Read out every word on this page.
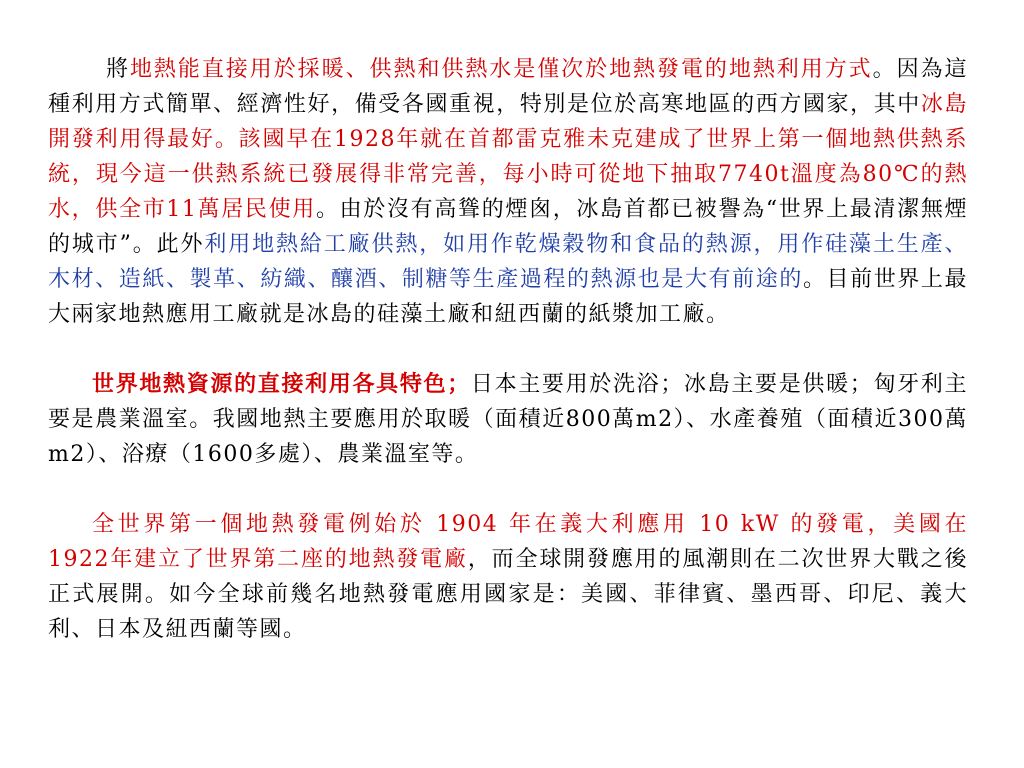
將地熱能直接用於採暖、供熱和供熱水是僅次於地熱發電的地熱利用方式。因為這種利用方式簡單、經濟性好，備受各國重視，特別是位於高寒地區的西方國家，其中冰島開發利用得最好。該國早在1928年就在首都雷克雅未克建成了世界上第一個地熱供熱系統，現今這一供熱系統已發展得非常完善，每小時可從地下抽取7740t溫度為80℃的熱水，供全市11萬居民使用。由於沒有高聳的煙囪，冰島首都已被譽為“世界上最清潔無煙的城市”。此外利用地熱給工廠供熱，如用作乾燥穀物和食品的熱源，用作硅藻土生產、木材、造紙、製革、紡織、釀酒、制糖等生產過程的熱源也是大有前途的。目前世界上最大兩家地熱應用工廠就是冰島的硅藻土廠和紐西蘭的紙漿加工廠。

世界地熱資源的直接利用各具特色；日本主要用於洗浴；冰島主要是供暖；匈牙利主要是農業溫室。我國地熱主要應用於取暖（面積近800萬m2）、水產養殖（面積近300萬m2）、浴療（1600多處）、農業溫室等。

全世界第一個地熱發電例始於 1904 年在義大利應用 10 kW 的發電，美國在 1922年建立了世界第二座的地熱發電廠，而全球開發應用的風潮則在二次世界大戰之後正式展開。如今全球前幾名地熱發電應用國家是：美國、菲律賓、墨西哥、印尼、義大利、日本及紐西蘭等國。
